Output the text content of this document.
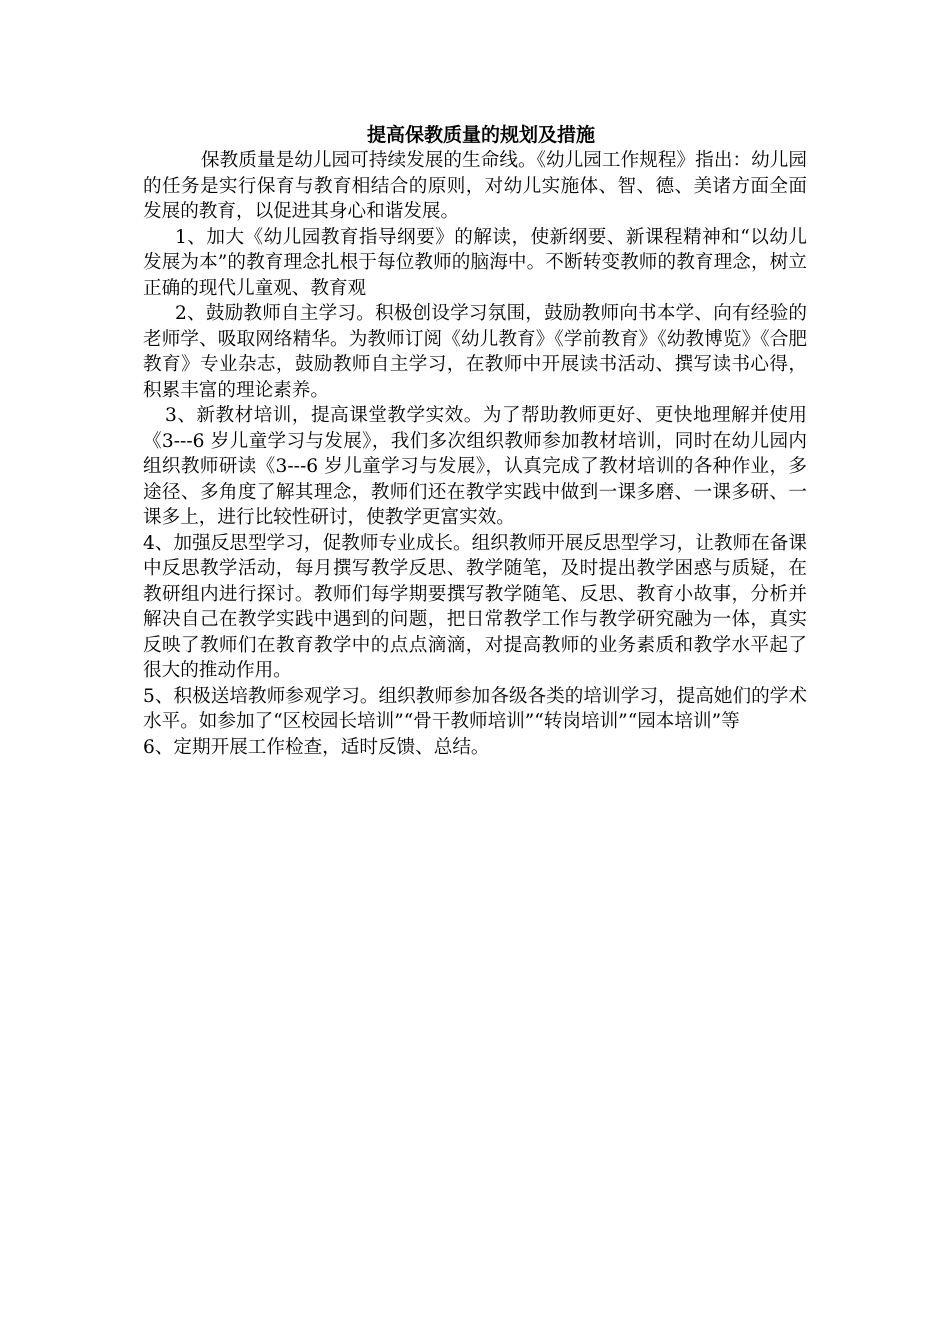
提高保教质量的规划及措施

保教质量是幼儿园可持续发展的生命线。《幼儿园工作规程》指出：幼儿园的任务是实行保育与教育相结合的原则，对幼儿实施体、智、德、美诸方面全面发展的教育，以促进其身心和谐发展。

1、加大《幼儿园教育指导纲要》的解读，使新纲要、新课程精神和“以幼儿发展为本”的教育理念扎根于每位教师的脑海中。不断转变教师的教育理念，树立正确的现代儿童观、教育观

2、鼓励教师自主学习。积极创设学习氛围，鼓励教师向书本学、向有经验的老师学、吸取网络精华。为教师订阅《幼儿教育》《学前教育》《幼教博览》《合肥教育》专业杂志，鼓励教师自主学习，在教师中开展读书活动、撰写读书心得，积累丰富的理论素养。

3、新教材培训，提高课堂教学实效。为了帮助教师更好、更快地理解并使用《3---6 岁儿童学习与发展》，我们多次组织教师参加教材培训，同时在幼儿园内组织教师研读《3---6 岁儿童学习与发展》，认真完成了教材培训的各种作业，多途径、多角度了解其理念，教师们还在教学实践中做到一课多磨、一课多研、一课多上，进行比较性研讨，使教学更富实效。

4、加强反思型学习，促教师专业成长。组织教师开展反思型学习，让教师在备课中反思教学活动，每月撰写教学反思、教学随笔，及时提出教学困惑与质疑，在教研组内进行探讨。教师们每学期要撰写教学随笔、反思、教育小故事，分析并解决自己在教学实践中遇到的问题，把日常教学工作与教学研究融为一体，真实反映了教师们在教育教学中的点点滴滴，对提高教师的业务素质和教学水平起了很大的推动作用。

5、积极送培教师参观学习。组织教师参加各级各类的培训学习，提高她们的学术水平。如参加了“区校园长培训”“骨干教师培训”“转岗培训”“园本培训”等

6、定期开展工作检查，适时反馈、总结。
